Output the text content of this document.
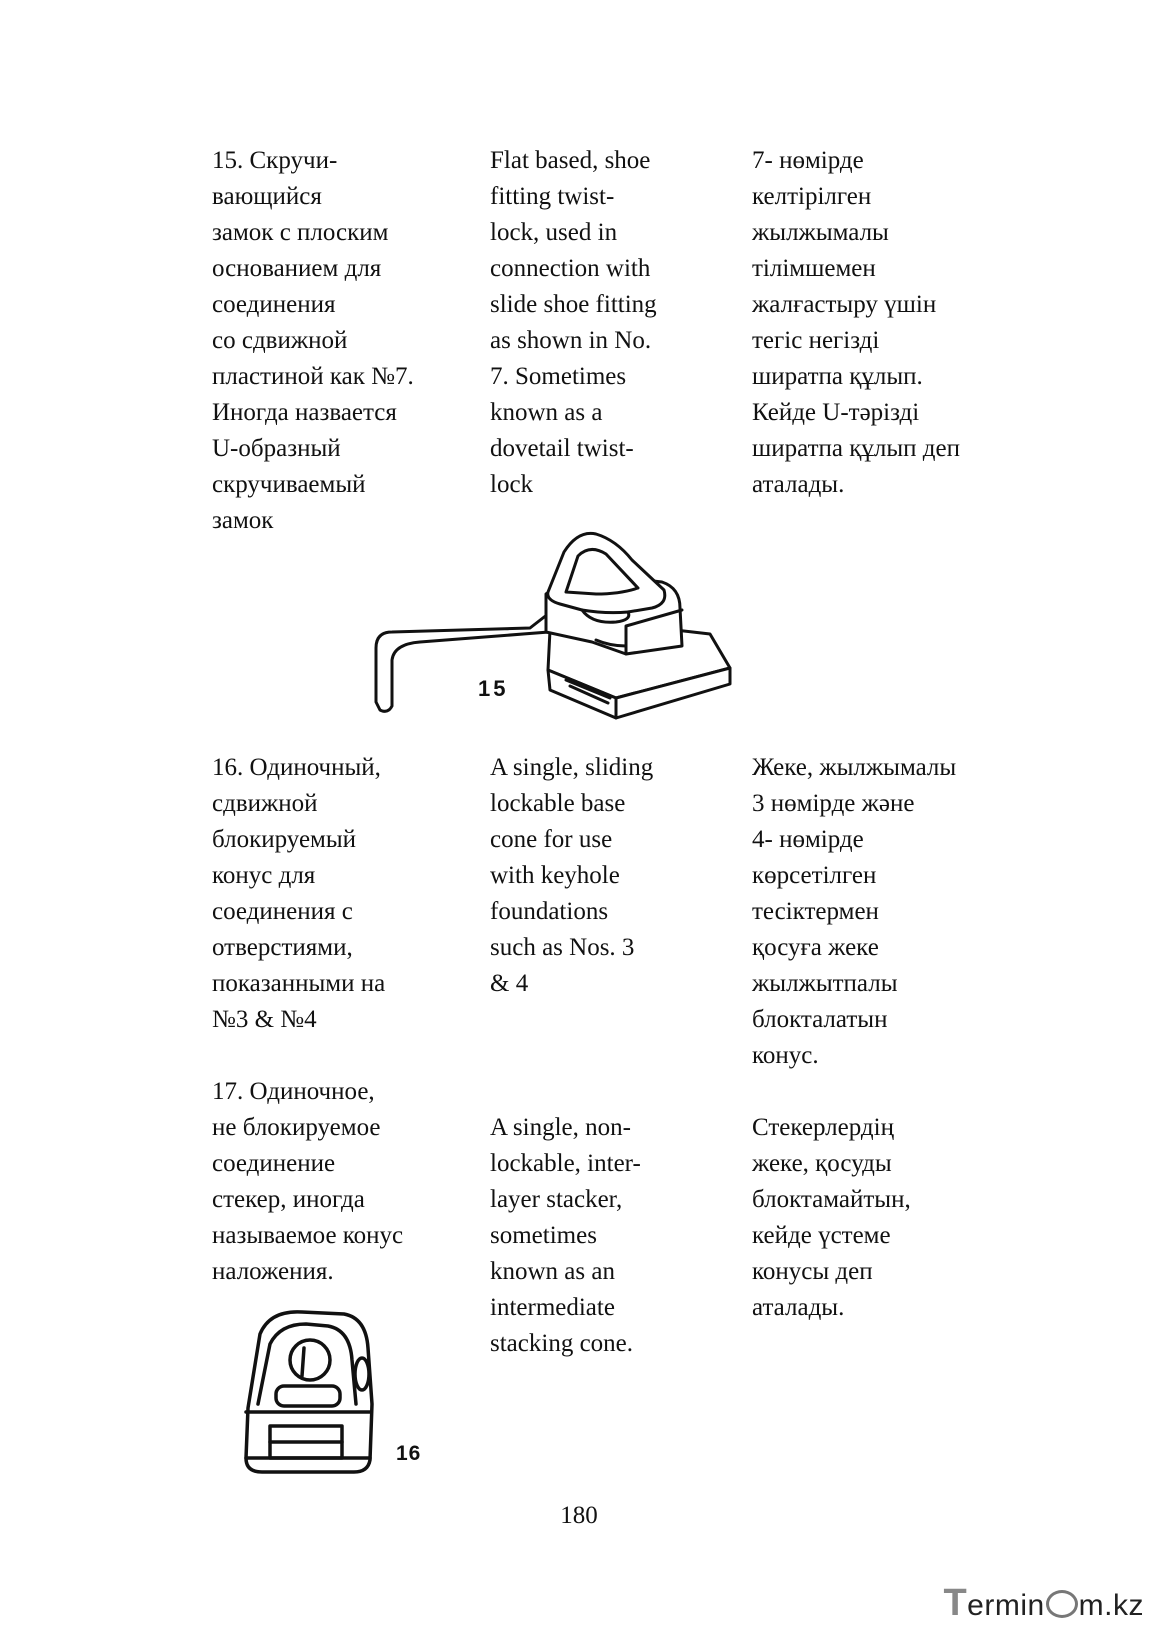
15. Скручи-
вающийся
замок с плоским
основанием для
соединения
со сдвижной
пластиной как №7.
Иногда назвается
U-образный
скручиваемый
замок

Flat based, shoe
fitting twist-
lock, used in
connection with
slide shoe fitting
as shown in No.
7. Sometimes
known as a
dovetail twist-
lock

7- нөмірде
келтірілген
жылжымалы
тілімшемен
жалғастыру үшін
тегіс негізді
ширатпа құлып.
Кейде U-тәрізді
ширатпа құлып деп
аталады.

15

16. Одиночный,
сдвижной
блокируемый
конус для
соединения с
отверстиями,
показанными на
№3 & №4

A single, sliding
lockable base
cone for use
with keyhole
foundations
such as Nos. 3
& 4

Жеке, жылжымалы
3 нөмірде және
4- нөмірде
көрсетілген
тесіктермен
қосуға жеке
жылжытпалы
блокталатын
конус.

17. Одиночное,
не блокируемое
соединение
стекер, иногда
называемое конус
наложения.

A single, non-
lockable, inter-
layer stacker,
sometimes
known as an
intermediate
stacking cone.

Стекерлердің
жеке, қосуды
блоктамайтын,
кейде үстеме
конусы деп
аталады.

16
180
Termin m.kz
